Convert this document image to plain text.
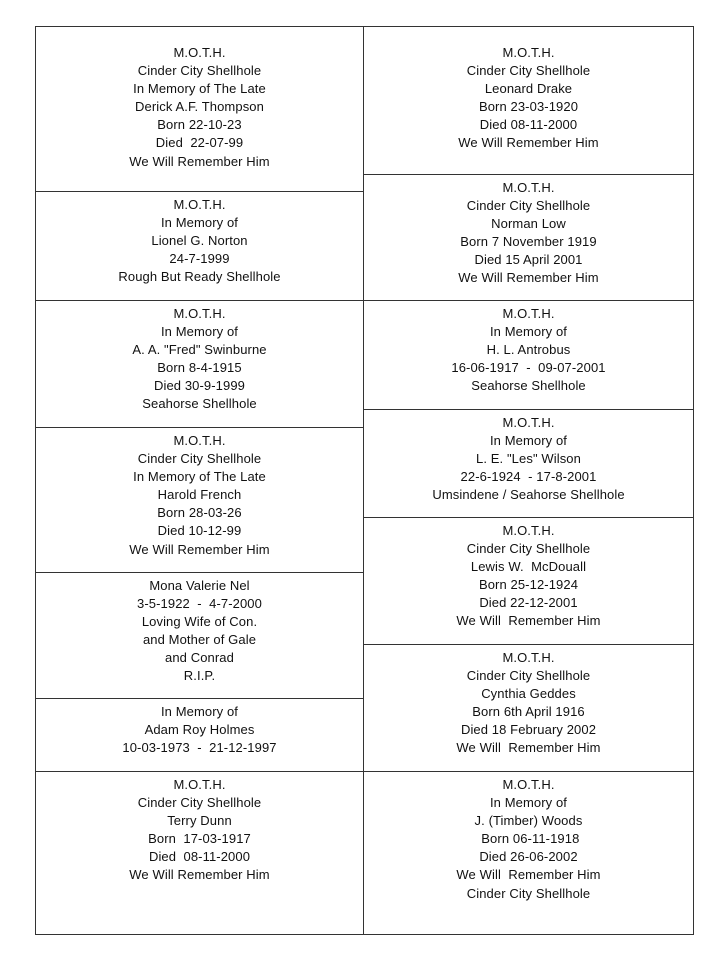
M.O.T.H.
Cinder City Shellhole
In Memory of The Late
Derick A.F. Thompson
Born 22-10-23
Died  22-07-99
We Will Remember Him
M.O.T.H.
In Memory of
Lionel G. Norton
24-7-1999
Rough But Ready Shellhole
M.O.T.H.
In Memory of
A. A. "Fred" Swinburne
Born 8-4-1915
Died 30-9-1999
Seahorse Shellhole
M.O.T.H.
Cinder City Shellhole
In Memory of The Late
Harold French
Born 28-03-26
Died 10-12-99
We Will Remember Him
Mona Valerie Nel
3-5-1922  -  4-7-2000
Loving Wife of Con.
and Mother of Gale
and Conrad
R.I.P.
In Memory of
Adam Roy Holmes
10-03-1973  -  21-12-1997
M.O.T.H.
Cinder City Shellhole
Terry Dunn
Born  17-03-1917
Died  08-11-2000
We Will Remember Him
M.O.T.H.
Cinder City Shellhole
Leonard Drake
Born 23-03-1920
Died 08-11-2000
We Will Remember Him
M.O.T.H.
Cinder City Shellhole
Norman Low
Born 7 November 1919
Died 15 April 2001
We Will Remember Him
M.O.T.H.
In Memory of
H. L. Antrobus
16-06-1917  -  09-07-2001
Seahorse Shellhole
M.O.T.H.
In Memory of
L. E. "Les" Wilson
22-6-1924  - 17-8-2001
Umsindene / Seahorse Shellhole
M.O.T.H.
Cinder City Shellhole
Lewis W.  McDouall
Born 25-12-1924
Died 22-12-2001
We Will  Remember Him
M.O.T.H.
Cinder City Shellhole
Cynthia Geddes
Born 6th April 1916
Died 18 February 2002
We Will  Remember Him
M.O.T.H.
In Memory of
J. (Timber) Woods
Born 06-11-1918
Died 26-06-2002
We Will  Remember Him
Cinder City Shellhole
